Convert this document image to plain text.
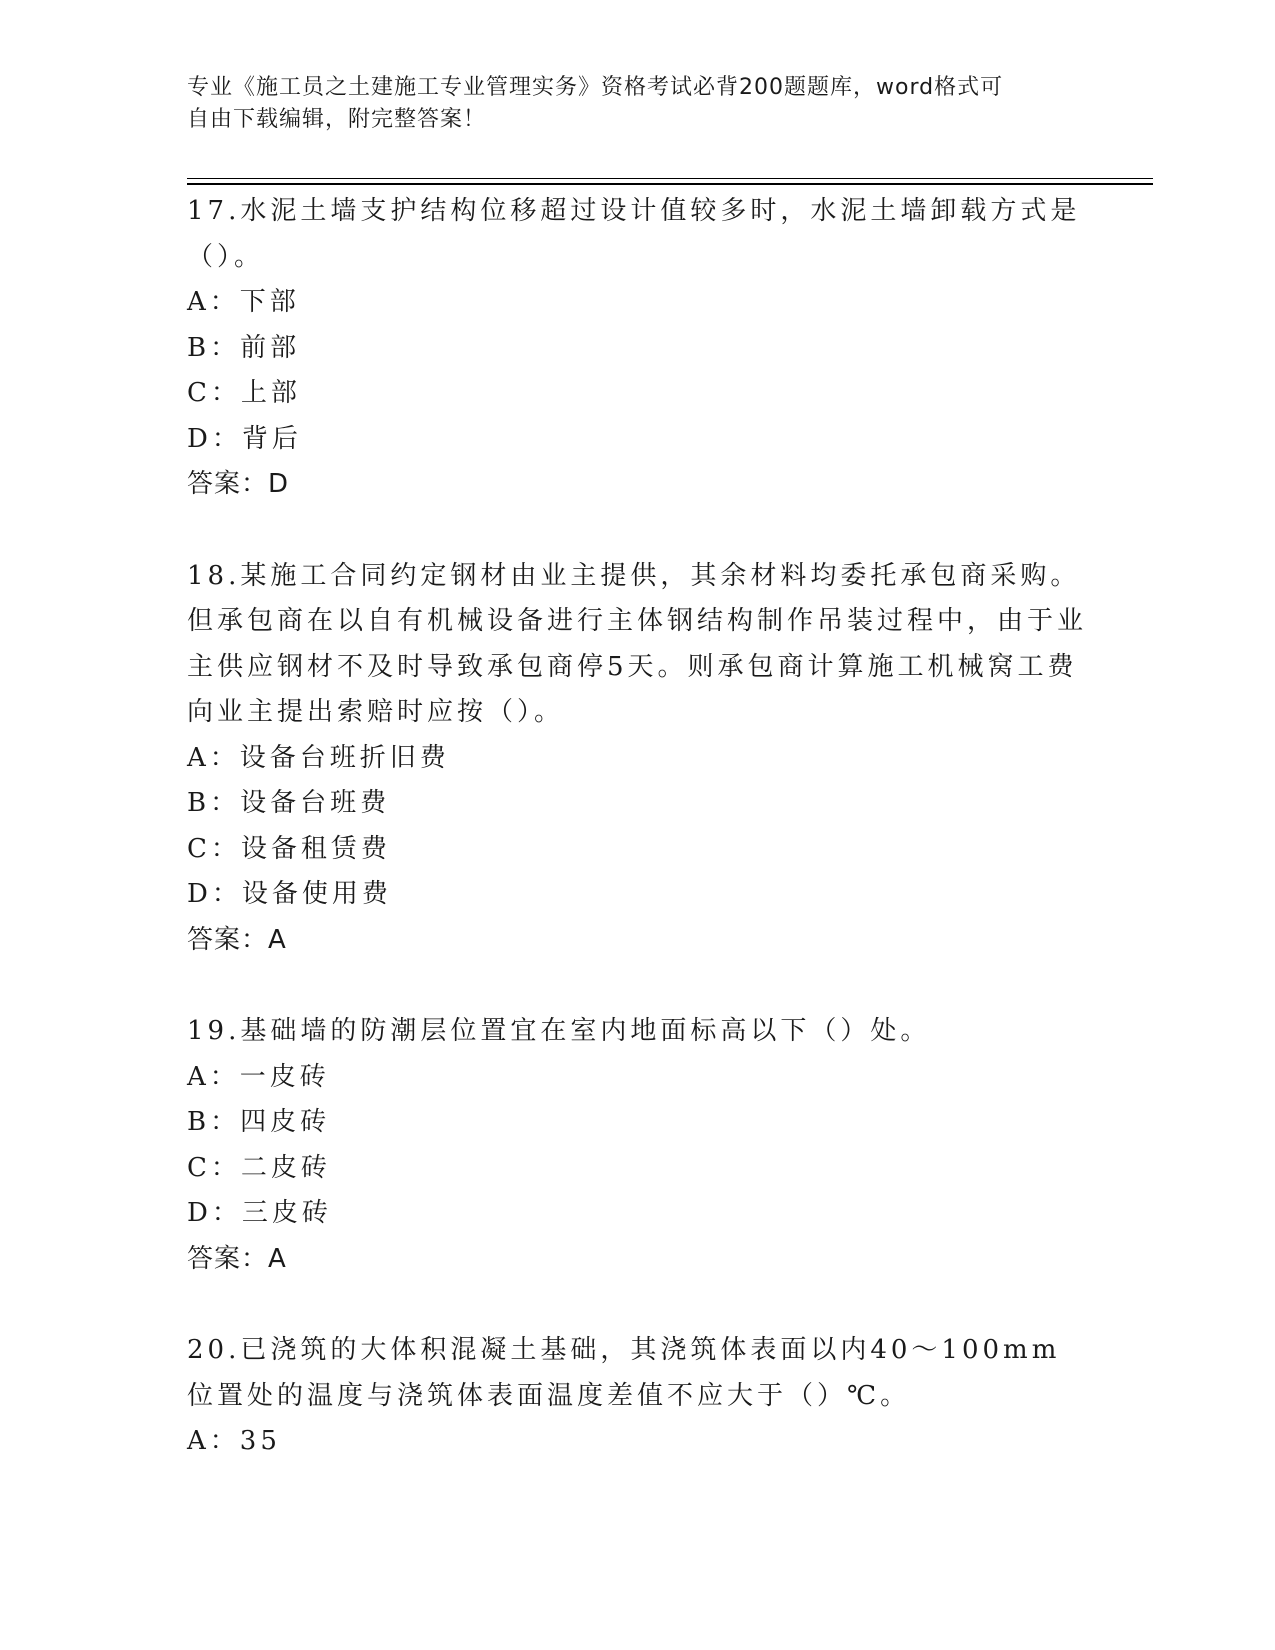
专业《施工员之土建施工专业管理实务》资格考试必背200题题库，word格式可
自由下载编辑，附完整答案！

17.水泥土墙支护结构位移超过设计值较多时，水泥土墙卸载方式是（）。

A：下部

B：前部

C：上部

D：背后

答案：D

18.某施工合同约定钢材由业主提供，其余材料均委托承包商采购。但承包商在以自有机械设备进行主体钢结构制作吊装过程中，由于业主供应钢材不及时导致承包商停5天。则承包商计算施工机械窝工费向业主提出索赔时应按（）。

A：设备台班折旧费

B：设备台班费

C：设备租赁费

D：设备使用费

答案：A

19.基础墙的防潮层位置宜在室内地面标高以下（）处。

A：一皮砖

B：四皮砖

C：二皮砖

D：三皮砖

答案：A

20.已浇筑的大体积混凝土基础，其浇筑体表面以内40～100mm位置处的温度与浇筑体表面温度差值不应大于（）℃。

A：35
